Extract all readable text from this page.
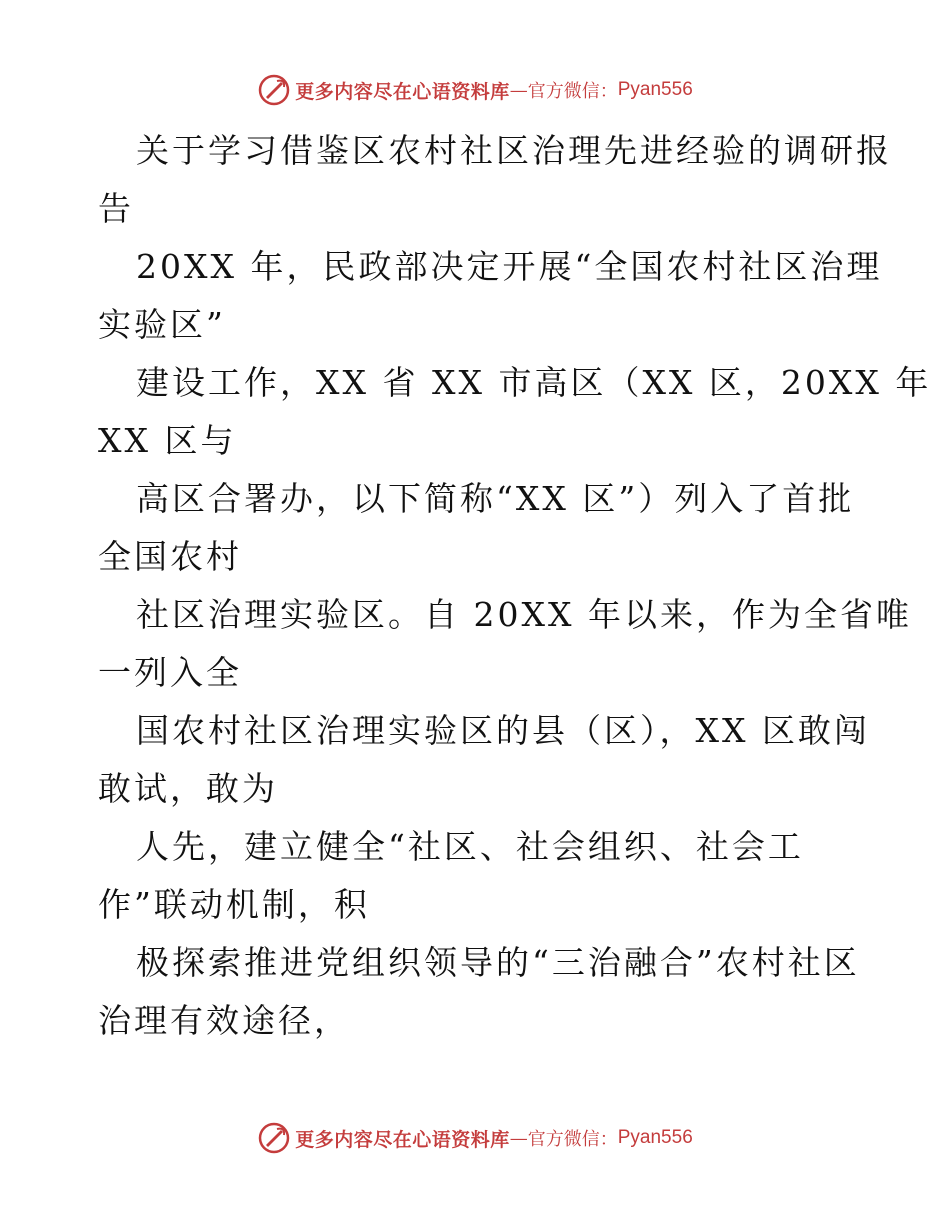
更多内容尽在心语资料库 — 官方微信： Pyan556
关于学习借鉴区农村社区治理先进经验的调研报
告
20XX 年，民政部决定开展“全国农村社区治理
实验区”
建设工作，XX 省 XX 市高区（XX 区，20XX 年
XX 区与
高区合署办，以下简称“XX 区”）列入了首批
全国农村
社区治理实验区。自 20XX 年以来，作为全省唯
一列入全
国农村社区治理实验区的县（区），XX 区敢闯
敢试，敢为
人先，建立健全“社区、社会组织、社会工
作”联动机制，积
极探索推进党组织领导的“三治融合”农村社区
治理有效途径，
更多内容尽在心语资料库 — 官方微信： Pyan556
